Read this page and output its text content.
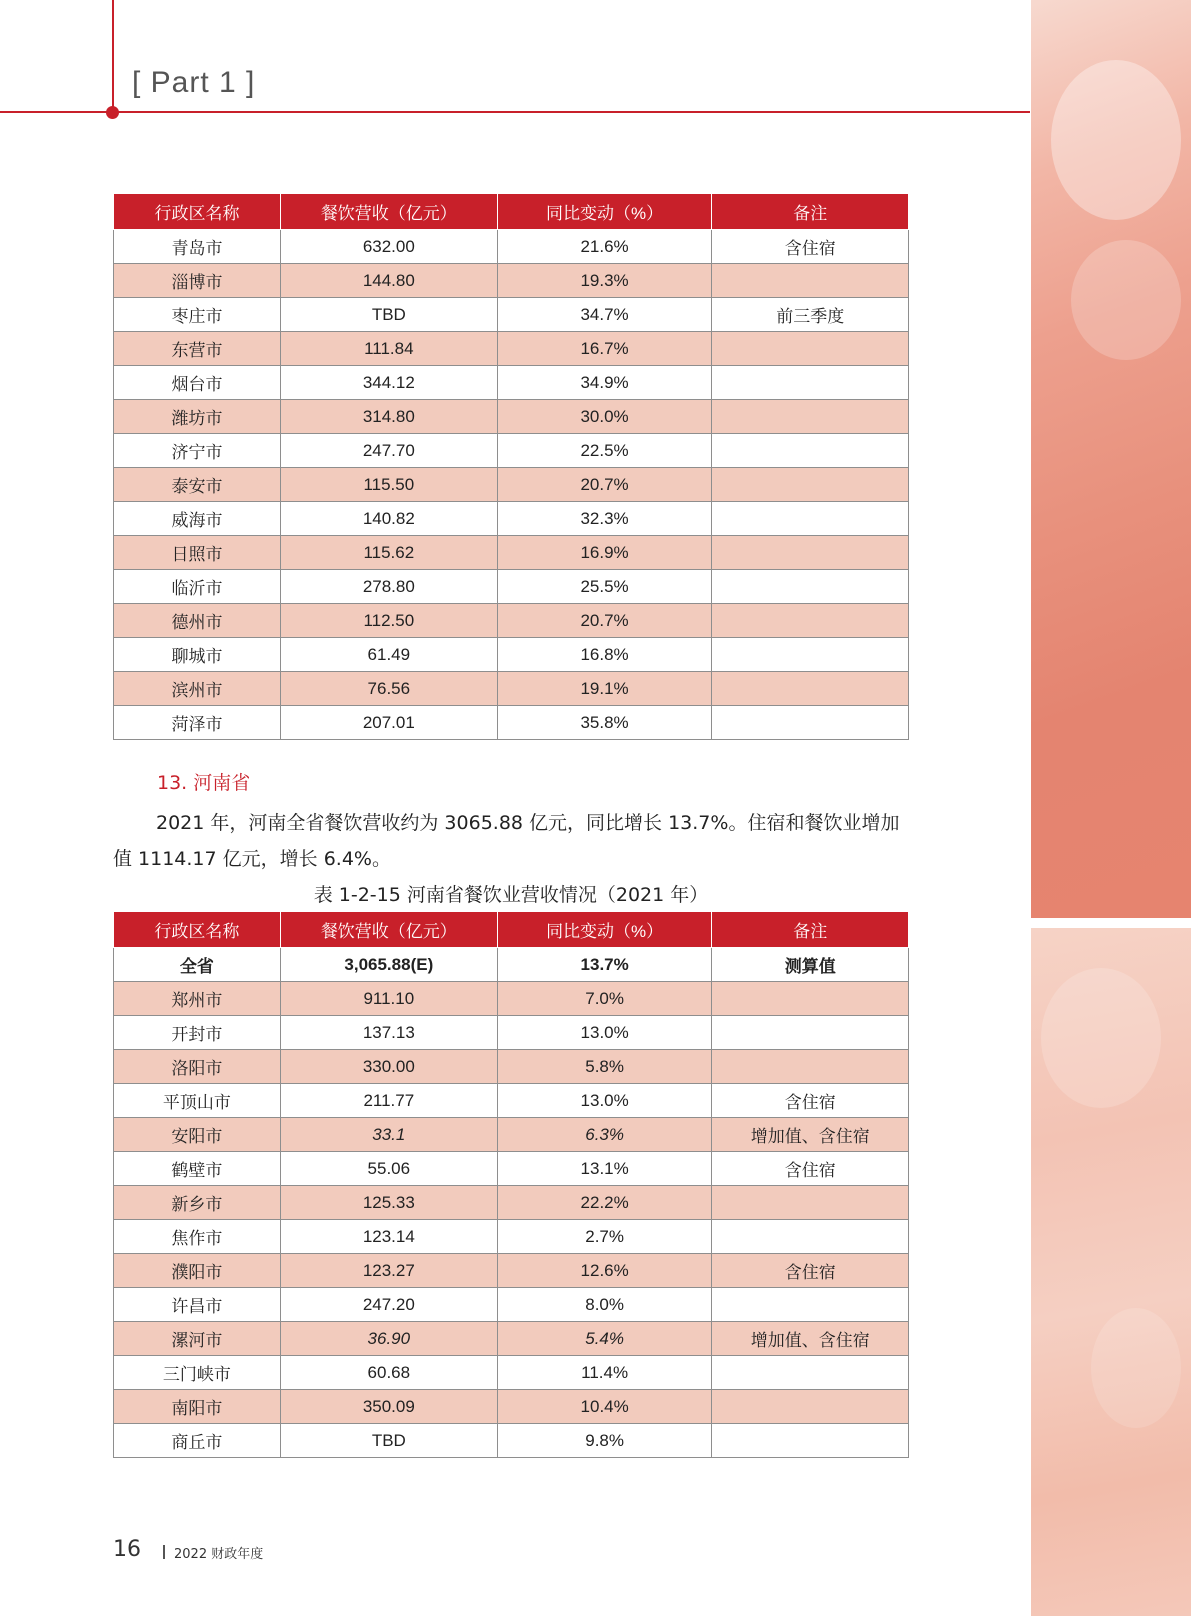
[ Part 1 ]
行政区名称	餐饮营收（亿元）	同比变动（%）	备注
青岛市	632.00	21.6%	含住宿
淄博市	144.80	19.3%	
枣庄市	TBD	34.7%	前三季度
东营市	111.84	16.7%	
烟台市	344.12	34.9%	
潍坊市	314.80	30.0%	
济宁市	247.70	22.5%	
泰安市	115.50	20.7%	
威海市	140.82	32.3%	
日照市	115.62	16.9%	
临沂市	278.80	25.5%	
德州市	112.50	20.7%	
聊城市	61.49	16.8%	
滨州市	76.56	19.1%	
菏泽市	207.01	35.8%	
13. 河南省
2021 年，河南全省餐饮营收约为 3065.88 亿元，同比增长 13.7%。住宿和餐饮业增加值 1114.17 亿元，增长 6.4%。
表 1-2-15 河南省餐饮业营收情况（2021 年）
行政区名称	餐饮营收（亿元）	同比变动（%）	备注
全省	3,065.88(E)	13.7%	测算值
郑州市	911.10	7.0%	
开封市	137.13	13.0%	
洛阳市	330.00	5.8%	
平顶山市	211.77	13.0%	含住宿
安阳市	33.1	6.3%	增加值、含住宿
鹤壁市	55.06	13.1%	含住宿
新乡市	125.33	22.2%	
焦作市	123.14	2.7%	
濮阳市	123.27	12.6%	含住宿
许昌市	247.20	8.0%	
漯河市	36.90	5.4%	增加值、含住宿
三门峡市	60.68	11.4%	
南阳市	350.09	10.4%	
商丘市	TBD	9.8%	
16	2022 财政年度
